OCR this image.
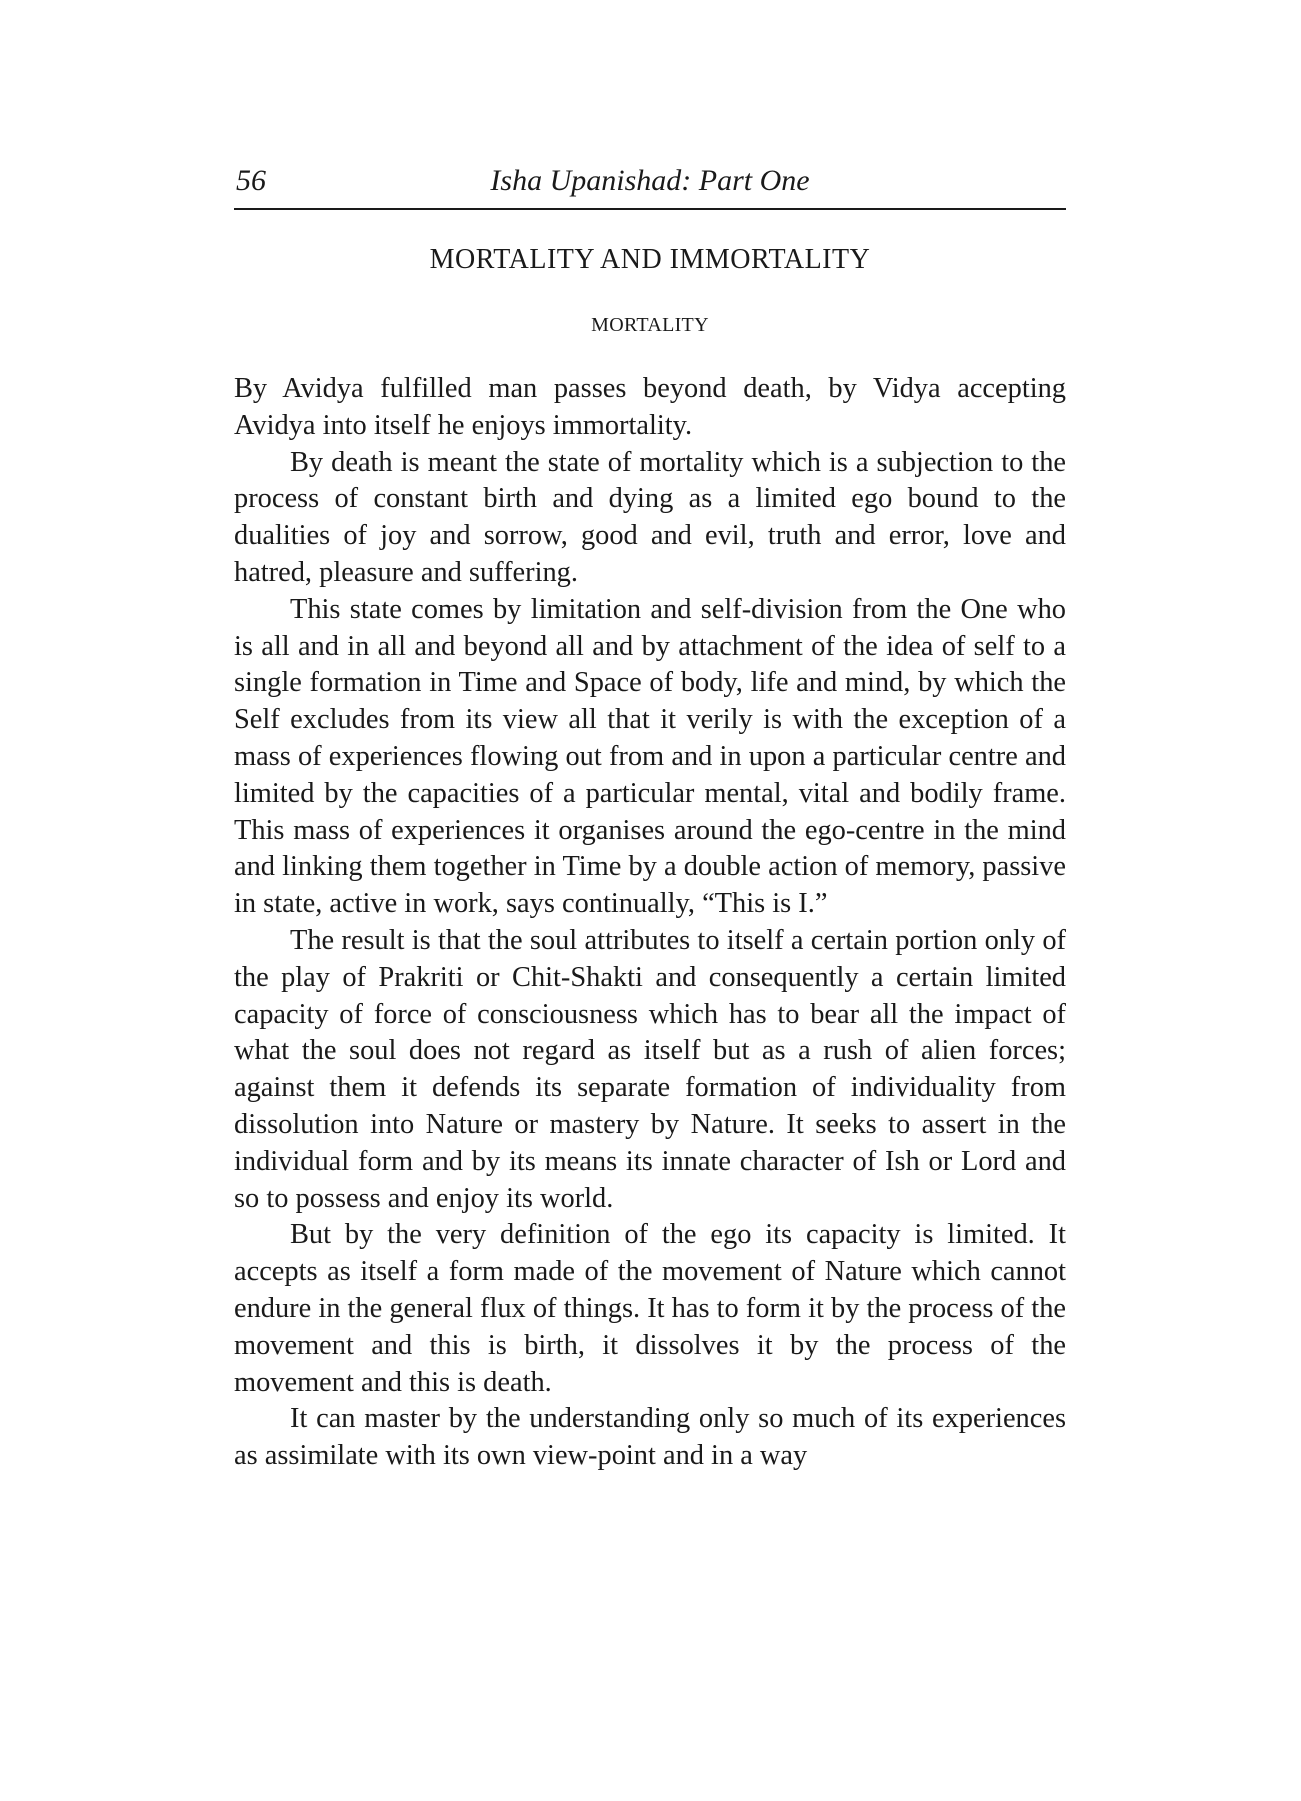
56	Isha Upanishad: Part One
MORTALITY AND IMMORTALITY
MORTALITY

By Avidya fulfilled man passes beyond death, by Vidya accepting Avidya into itself he enjoys immortality.

By death is meant the state of mortality which is a subjection to the process of constant birth and dying as a limited ego bound to the dualities of joy and sorrow, good and evil, truth and error, love and hatred, pleasure and suffering.

This state comes by limitation and self-division from the One who is all and in all and beyond all and by attachment of the idea of self to a single formation in Time and Space of body, life and mind, by which the Self excludes from its view all that it verily is with the exception of a mass of experiences flowing out from and in upon a particular centre and limited by the capacities of a particular mental, vital and bodily frame. This mass of experiences it organises around the ego-centre in the mind and linking them together in Time by a double action of memory, passive in state, active in work, says continually, “This is I.”

The result is that the soul attributes to itself a certain portion only of the play of Prakriti or Chit-Shakti and consequently a certain limited capacity of force of consciousness which has to bear all the impact of what the soul does not regard as itself but as a rush of alien forces; against them it defends its separate formation of individuality from dissolution into Nature or mastery by Nature. It seeks to assert in the individual form and by its means its innate character of Ish or Lord and so to possess and enjoy its world.

But by the very definition of the ego its capacity is limited. It accepts as itself a form made of the movement of Nature which cannot endure in the general flux of things. It has to form it by the process of the movement and this is birth, it dissolves it by the process of the movement and this is death.

It can master by the understanding only so much of its experiences as assimilate with its own view-point and in a way
